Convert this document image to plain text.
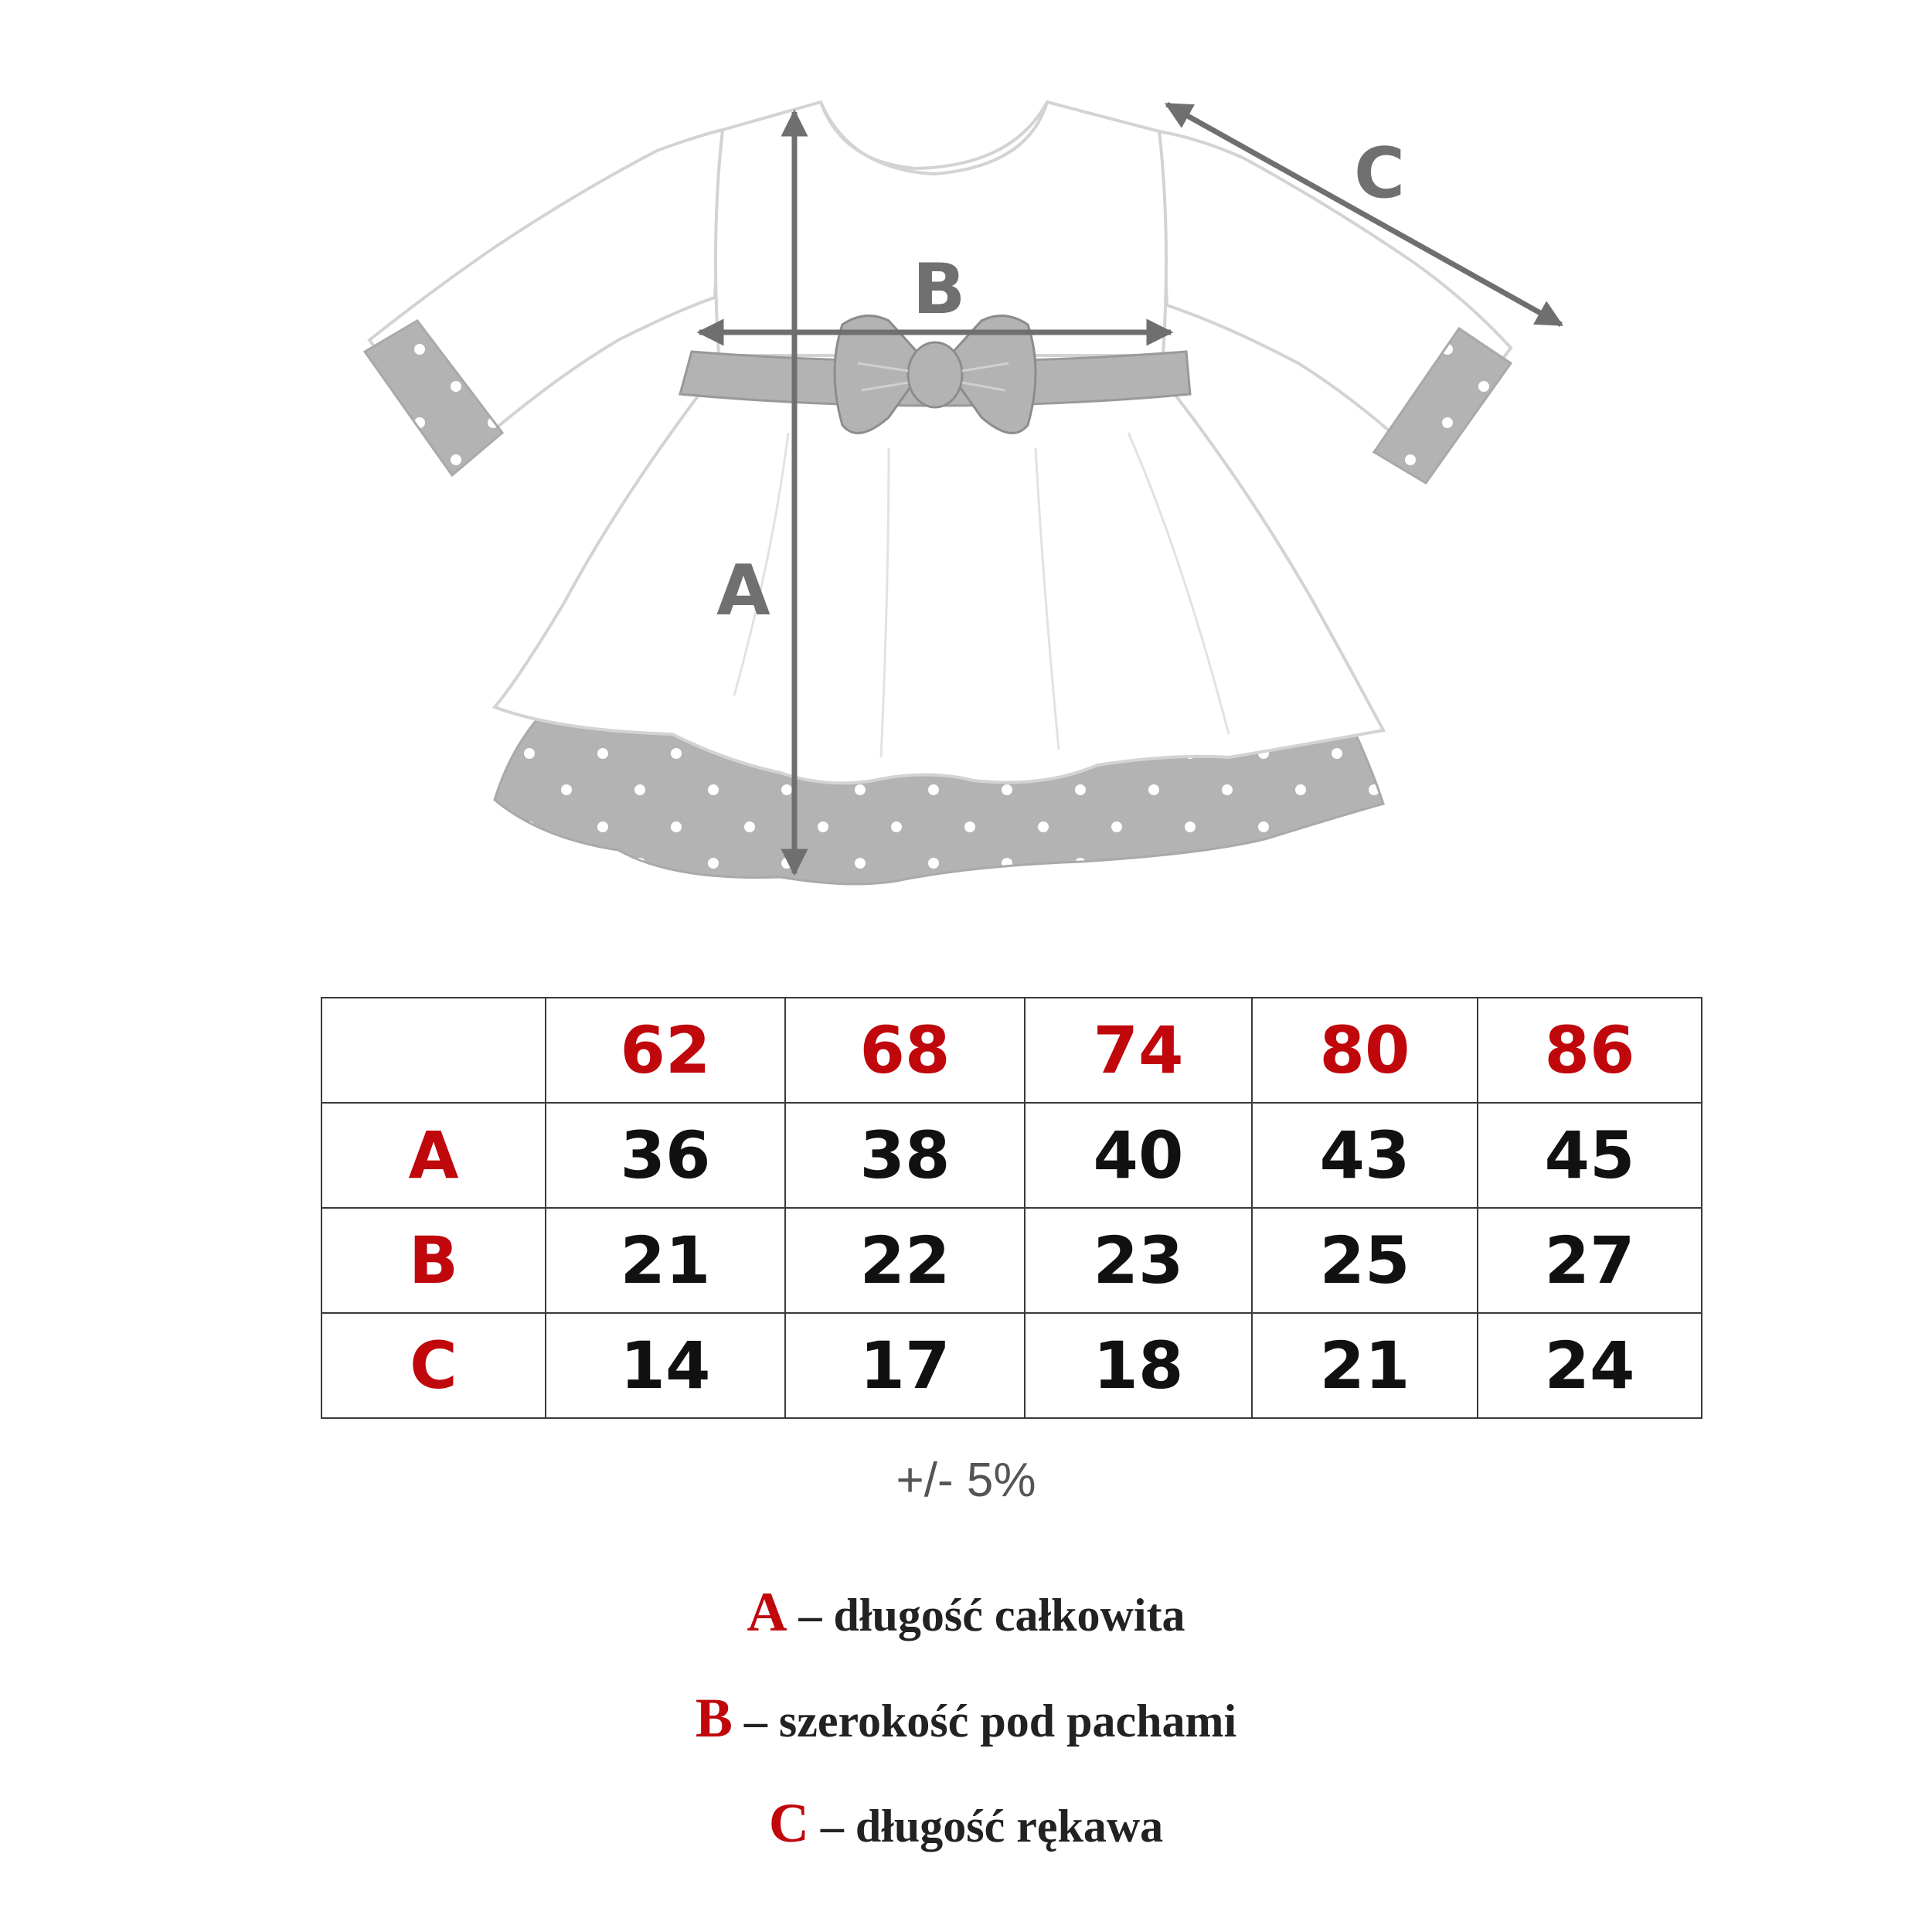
A
B
C
	62	68	74	80	86
A	36	38	40	43	45
B	21	22	23	25	27
C	14	17	18	21	24
+/- 5%
A – długość całkowita
B – szerokość pod pachami
C – długość rękawa
